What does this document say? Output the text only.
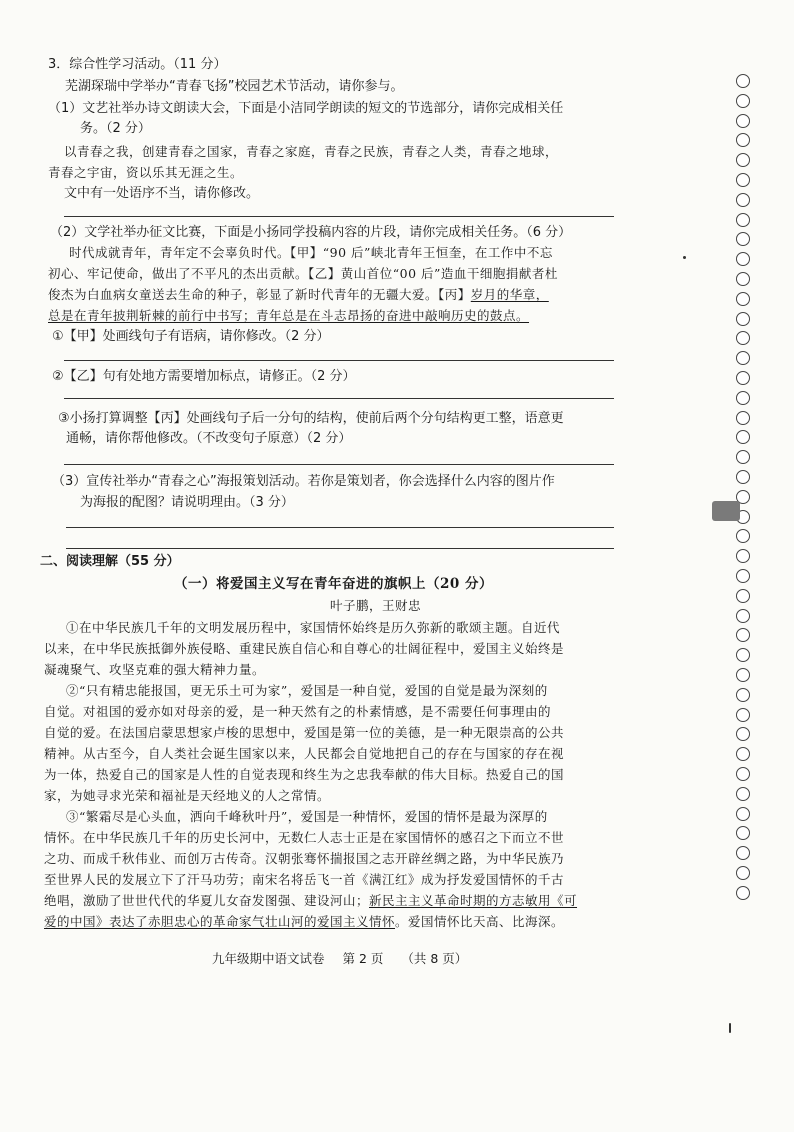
3．综合性学习活动。（11 分）
芜湖琛瑞中学举办“青春飞扬”校园艺术节活动，请你参与。
（1）文艺社举办诗文朗读大会，下面是小洁同学朗读的短文的节选部分，请你完成相关任
务。（2 分）
以青春之我，创建青春之国家，青春之家庭，青春之民族，青春之人类，青春之地球，
青春之宇宙，资以乐其无涯之生。
文中有一处语序不当，请你修改。
（2）文学社举办征文比赛，下面是小扬同学投稿内容的片段，请你完成相关任务。（6 分）
时代成就青年，青年定不会辜负时代。【甲】“90 后”峡北青年王恒奎，在工作中不忘
初心、牢记使命，做出了不平凡的杰出贡献。【乙】黄山首位“00 后”造血干细胞捐献者杜
俊杰为白血病女童送去生命的种子，彰显了新时代青年的无疆大爱。【丙】岁月的华章，
总是在青年披荆斩棘的前行中书写；青年总是在斗志昂扬的奋进中敲响历史的鼓点。
①【甲】处画线句子有语病，请你修改。（2 分）
②【乙】句有处地方需要增加标点，请修正。（2 分）
③小扬打算调整【丙】处画线句子后一分句的结构，使前后两个分句结构更工整，语意更
通畅，请你帮他修改。（不改变句子原意）（2 分）
（3）宣传社举办“青春之心”海报策划活动。若你是策划者，你会选择什么内容的图片作
为海报的配图？请说明理由。（3 分）
二、阅读理解（55 分）
（一）将爱国主义写在青年奋进的旗帜上（20 分）
叶子鹏，王财忠
①在中华民族几千年的文明发展历程中，家国情怀始终是历久弥新的歌颂主题。自近代
以来，在中华民族抵御外族侵略、重建民族自信心和自尊心的壮阔征程中，爱国主义始终是
凝魂聚气、攻坚克难的强大精神力量。
②“只有精忠能报国，更无乐土可为家”，爱国是一种自觉，爱国的自觉是最为深刻的
自觉。对祖国的爱亦如对母亲的爱，是一种天然有之的朴素情感，是不需要任何事理由的
自觉的爱。在法国启蒙思想家卢梭的思想中，爱国是第一位的美德，是一种无限崇高的公共
精神。从古至今，自人类社会诞生国家以来，人民都会自觉地把自己的存在与国家的存在视
为一体，热爱自己的国家是人性的自觉表现和终生为之忠我奉献的伟大目标。热爱自己的国
家，为她寻求光荣和福祉是天经地义的人之常情。
③“繁霜尽是心头血，洒向千峰秋叶丹”，爱国是一种情怀，爱国的情怀是最为深厚的
情怀。在中华民族几千年的历史长河中，无数仁人志士正是在家国情怀的感召之下而立不世
之功、而成千秋伟业、而创万古传奇。汉朝张骞怀揣报国之志开辟丝绸之路，为中华民族乃
至世界人民的发展立下了汗马功劳；南宋名将岳飞一首《满江红》成为抒发爱国情怀的千古
绝唱，激励了世世代代的华夏儿女奋发图强、建设河山；新民主主义革命时期的方志敏用《可
爱的中国》表达了赤胆忠心的革命家气壮山河的爱国主义情怀。爱国情怀比天高、比海深。
九年级期中语文试卷 第 2 页 （共 8 页）
